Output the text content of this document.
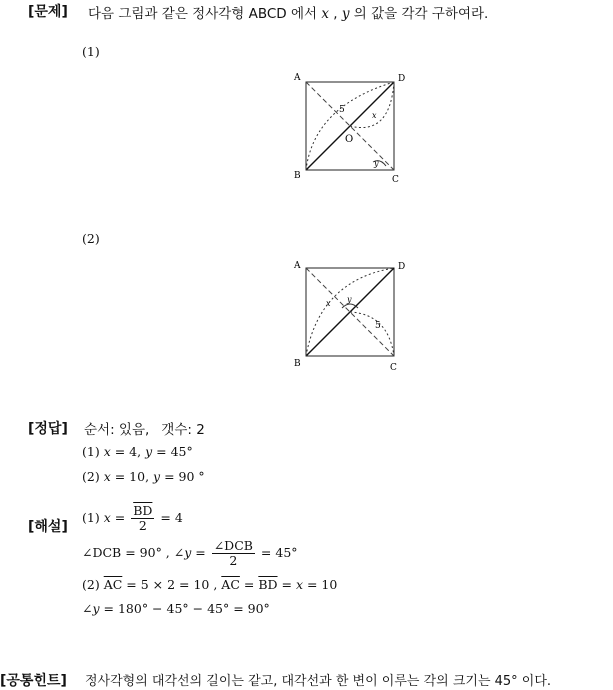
[문제] 다음 그림과 같은 정사각형 ABCD 에서 x , y 의 값을 각각 구하여라.
(1)
A
B	C
D
O
5
x
y
(2)
A
B	C
D
x y
5
[정답] 순서: 있음, 갯수: 2
(1) x = 4, y = 45°
(2) x = 10, y = 90 °
[해설]
(1) $x = \frac{\overline{BD}}{2} = 4$
∠DCB = 90° , ∠y = $\frac{\text{∠DCB}}{2} = 45^\circ$
(2) $\overline{AC} = 5 \times 2 = 10$ , $\overline{AC} = \overline{BD} = x = 10$
∠y = 180° − 45° − 45° = 90°
[공통힌트] 정사각형의 대각선의 길이는 같고, 대각선과 한 변이 이루는 각의 크기는 45° 이다.
